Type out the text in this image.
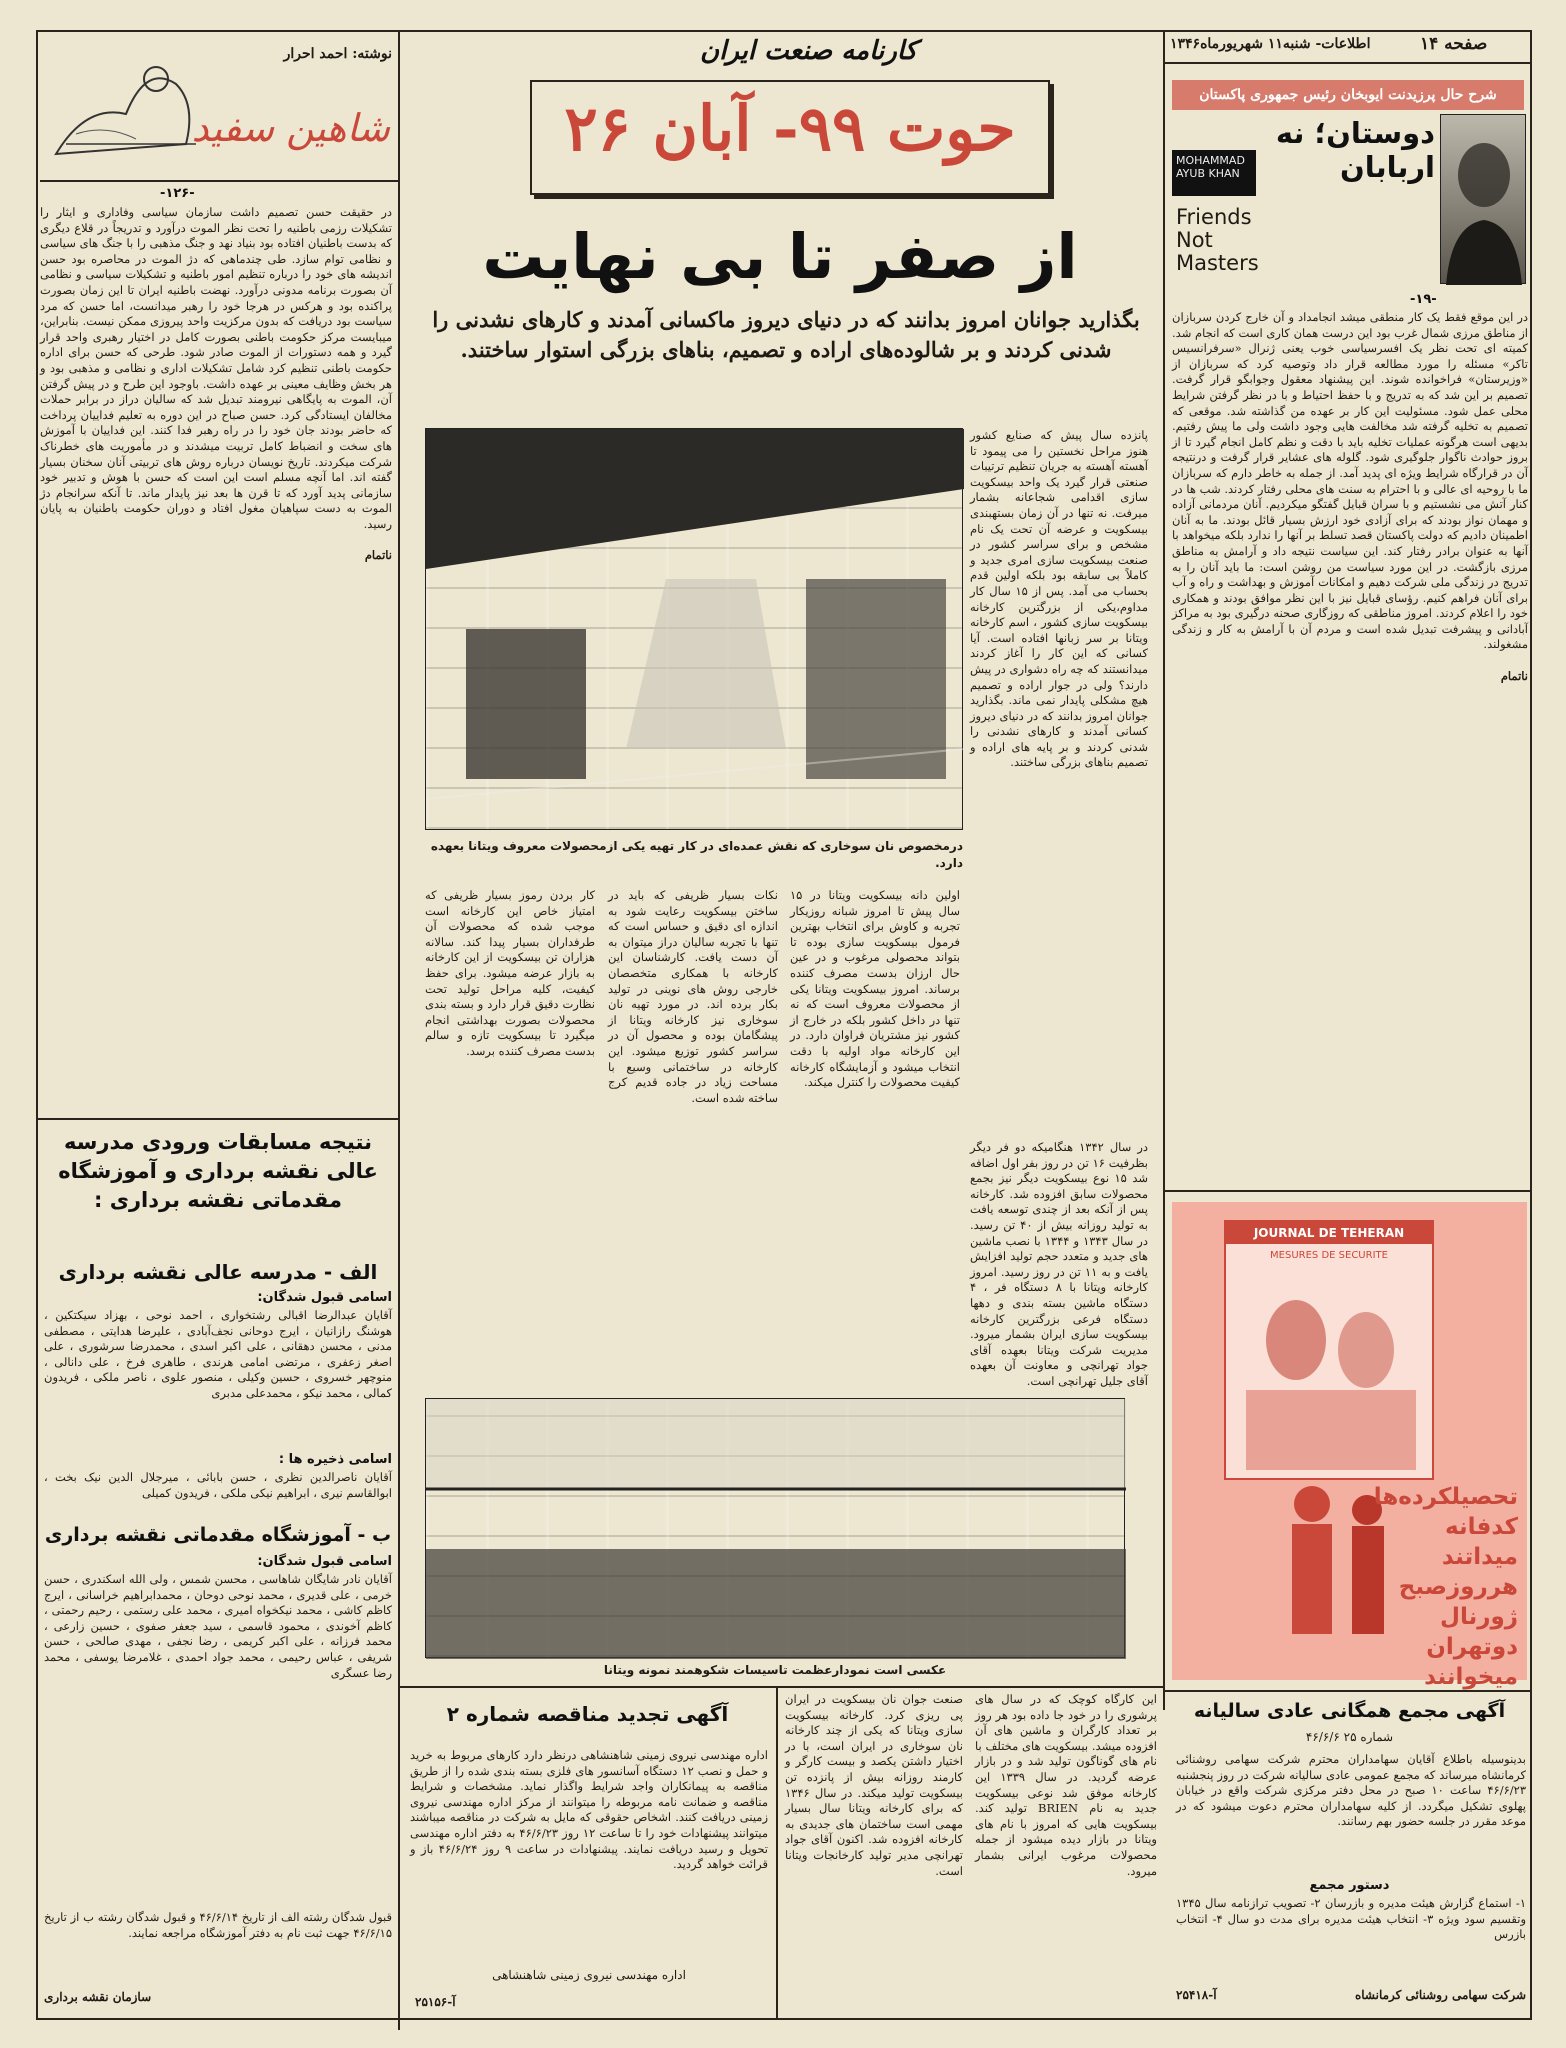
شاهین سفید
نوشته: احمد احرار
-۱۲۶-
در حقیقت حسن تصمیم داشت سازمان سیاسی وفاداری و ایثار را تشکیلات رزمی باطنیه را تحت نظر الموت درآورد و تدریجاً در قلاع دیگری که بدست باطنیان افتاده بود بنیاد نهد و جنگ مذهبی را با جنگ های سیاسی و نظامی توام سازد. طی چندماهی که دژ الموت در محاصره بود حسن اندیشه های خود را درباره تنظیم امور باطنیه و تشکیلات سیاسی و نظامی آن بصورت برنامه مدونی درآورد. نهضت باطنیه ایران تا این زمان بصورت پراکنده بود و هرکس در هرجا خود را رهبر میدانست، اما حسن که مرد سیاست بود دریافت که بدون مرکزیت واحد پیروزی ممکن نیست. بنابراین، میبایست مرکز حکومت باطنی بصورت کامل در اختیار رهبری واحد قرار گیرد و همه دستورات از الموت صادر شود. طرحی که حسن برای اداره حکومت باطنی تنظیم کرد شامل تشکیلات اداری و نظامی و مذهبی بود و هر بخش وظایف معینی بر عهده داشت. باوجود این طرح و در پیش گرفتن آن، الموت به پایگاهی نیرومند تبدیل شد که سالیان دراز در برابر حملات مخالفان ایستادگی کرد. حسن صباح در این دوره به تعلیم فداییان پرداخت که حاضر بودند جان خود را در راه رهبر فدا کنند. این فداییان با آموزش های سخت و انضباط کامل تربیت میشدند و در مأموریت های خطرناک شرکت میکردند. تاریخ نویسان درباره روش های تربیتی آنان سخنان بسیار گفته اند. اما آنچه مسلم است این است که حسن با هوش و تدبیر خود سازمانی پدید آورد که تا قرن ها بعد نیز پایدار ماند. تا آنکه سرانجام دژ الموت به دست سپاهیان مغول افتاد و دوران حکومت باطنیان به پایان رسید.

ناتمام
کارنامه صنعت ایران
حوت ۹۹- آبان ۲۶
از صفر تا بی نهایت
بگذارید جوانان امروز بدانند که در دنیای دیروز ماکسانی آمدند و کارهای نشدنی را شدنی کردند و بر شالوده‌های اراده و تصمیم، بناهای بزرگی استوار ساختند.
درمخصوص نان سوخاری که نقش عمده‌ای در کار تهیه یکی ازمحصولات معروف ویتانا بعهده دارد.
پانزده سال پیش که صنایع کشور هنوز مراحل نخستین را می پیمود تا آهسته آهسته به جریان تنظیم ترتیبات صنعتی قرار گیرد یک واحد بیسکویت سازی اقدامی شجاعانه بشمار میرفت. نه تنها در آن زمان بستهبندی بیسکویت و عرضه آن تحت یک نام مشخص و برای سراسر کشور در صنعت بیسکویت سازی امری جدید و کاملاً بی سابقه بود بلکه اولین قدم بحساب می آمد. پس از ۱۵ سال کار مداوم،یکی از بزرگترین کارخانه بیسکویت سازی کشور ، اسم کارخانه ویتانا بر سر زبانها افتاده است. آیا کسانی که این کار را آغاز کردند میدانستند که چه راه دشواری در پیش دارند؟ ولی در جوار اراده و تصمیم هیچ مشکلی پایدار نمی ماند. بگذارید جوانان امروز بدانند که در دنیای دیروز کسانی آمدند و کارهای نشدنی را شدنی کردند و بر پایه های اراده و تصمیم بناهای بزرگی ساختند.
در سال ۱۳۴۲ هنگامیکه دو فر دیگر بظرفیت ۱۶ تن در روز بفر اول اضافه شد ۱۵ نوع بیسکویت دیگر نیز بجمع محصولات سابق افزوده شد. کارخانه پس از آنکه بعد از چندی توسعه یافت به تولید روزانه بیش از ۴۰ تن رسید. در سال ۱۳۴۳ و ۱۳۴۴ با نصب ماشین های جدید و متعدد حجم تولید افزایش یافت و به ۱۱ تن در روز رسید. امروز کارخانه ویتانا با ۸ دستگاه فر ، ۴ دستگاه ماشین بسته بندی و دهها دستگاه فرعی بزرگترین کارخانه بیسکویت سازی ایران بشمار میرود. مدیریت شرکت ویتانا بعهده آقای جواد تهرانچی و معاونت آن بعهده آقای جلیل تهرانچی است.
اولین دانه بیسکویت ویتانا در ۱۵ سال پیش تا امروز شبانه روزیکار تجربه و کاوش برای انتخاب بهترین فرمول بیسکویت سازی بوده تا بتواند محصولی مرغوب و در عین حال ارزان بدست مصرف کننده برساند. امروز بیسکویت ویتانا یکی از محصولات معروف است که نه تنها در داخل کشور بلکه در خارج از کشور نیز مشتریان فراوان دارد. در این کارخانه مواد اولیه با دقت انتخاب میشود و آزمایشگاه کارخانه کیفیت محصولات را کنترل میکند.
نکات بسیار ظریفی که باید در ساختن بیسکویت رعایت شود به اندازه ای دقیق و حساس است که تنها با تجربه سالیان دراز میتوان به آن دست یافت. کارشناسان این کارخانه با همکاری متخصصان خارجی روش های نوینی در تولید بکار برده اند. در مورد تهیه نان سوخاری نیز کارخانه ویتانا از پیشگامان بوده و محصول آن در سراسر کشور توزیع میشود. این کارخانه در ساختمانی وسیع با مساحت زیاد در جاده قدیم کرج ساخته شده است.
کار بردن رموز بسیار ظریفی که امتیاز خاص این کارخانه است موجب شده که محصولات آن طرفداران بسیار پیدا کند. سالانه هزاران تن بیسکویت از این کارخانه به بازار عرضه میشود. برای حفظ کیفیت، کلیه مراحل تولید تحت نظارت دقیق قرار دارد و بسته بندی محصولات بصورت بهداشتی انجام میگیرد تا بیسکویت تازه و سالم بدست مصرف کننده برسد.
عکسی است نمودارعظمت تاسیسات شکوهمند نمونه ویتانا
این کارگاه کوچک که در سال های پرشوری را در خود جا داده بود هر روز بر تعداد کارگران و ماشین های آن افزوده میشد. بیسکویت های مختلف با نام های گوناگون تولید شد و در بازار عرضه گردید. در سال ۱۳۳۹ این کارخانه موفق شد نوعی بیسکویت جدید به نام BRIEN تولید کند. بیسکویت هایی که امروز با نام های ویتانا در بازار دیده میشود از جمله محصولات مرغوب ایرانی بشمار میرود.
صنعت جوان نان بیسکویت در ایران پی ریزی کرد. کارخانه بیسکویت سازی ویتانا که یکی از چند کارخانه نان سوخاری در ایران است، با در اختیار داشتن یکصد و بیست کارگر و کارمند روزانه بیش از پانزده تن بیسکویت تولید میکند. در سال ۱۳۴۶ که برای کارخانه ویتانا سال بسیار مهمی است ساختمان های جدیدی به کارخانه افزوده شد. اکنون آقای جواد تهرانچی مدیر تولید کارخانجات ویتانا است.
آگهی تجدید مناقصه شماره ۲
اداره مهندسی نیروی زمینی شاهنشاهی درنظر دارد کارهای مربوط به خرید و حمل و نصب ۱۲ دستگاه آسانسور های فلزی بسته بندی شده را از طریق مناقصه به پیمانکاران واجد شرایط واگذار نماید. مشخصات و شرایط مناقصه و ضمانت نامه مربوطه را میتوانند از مرکز اداره مهندسی نیروی زمینی دریافت کنند. اشخاص حقوقی که مایل به شرکت در مناقصه میباشند میتوانند پیشنهادات خود را تا ساعت ۱۲ روز ۴۶/۶/۲۳ به دفتر اداره مهندسی تحویل و رسید دریافت نمایند. پیشنهادات در ساعت ۹ روز ۴۶/۶/۲۴ باز و قرائت خواهد گردید.
اداره مهندسی نیروی زمینی شاهنشاهی
آ-۲۵۱۵۶
نتیجه مسابقات ورودی مدرسه عالی نقشه برداری و آموزشگاه مقدماتی نقشه برداری :
الف - مدرسه عالی نقشه برداری
اسامی قبول شدگان:
آقایان عبدالرضا اقبالی رشتخواری ، احمد نوحی ، بهزاد سیکتکین ، هوشنگ رازانیان ، ایرج دوحانی نجف‌آبادی ، علیرضا هدایتی ، مصطفی مدنی ، محسن دهقانی ، علی اکبر اسدی ، محمدرضا سرشوری ، علی اصغر زعفری ، مرتضی امامی هرندی ، طاهری فرخ ، علی دانالی ، منوچهر خسروی ، حسین وکیلی ، منصور علوی ، ناصر ملکی ، فریدون کمالی ، محمد نیکو ، محمدعلی مدبری
اسامی ذخیره ها :
آقایان ناصرالدین نظری ، حسن بابائی ، میرجلال الدین نیک بخت ، ابوالقاسم نیری ، ابراهیم نیکی ملکی ، فریدون کمیلی
ب - آموزشگاه مقدماتی نقشه برداری
اسامی قبول شدگان:
آقایان نادر شایگان شاهاسی ، محسن شمس ، ولی الله اسکندری ، حسن خرمی ، علی قدیری ، محمد نوحی دوحان ، محمدابراهیم خراسانی ، ایرج کاظم کاشی ، محمد نیکخواه امیری ، محمد علی رستمی ، رحیم رحمتی ، کاظم آخوندی ، محمود قاسمی ، سید جعفر صفوی ، حسین زارعی ، محمد فرزانه ، علی اکبر کریمی ، رضا نجفی ، مهدی صالحی ، حسن شریفی ، عباس رحیمی ، محمد جواد احمدی ، غلامرضا یوسفی ، محمد رضا عسگری
قبول شدگان رشته الف از تاریخ ۴۶/۶/۱۴ و قبول شدگان رشته ب از تاریخ ۴۶/۶/۱۵ جهت ثبت نام به دفتر آموزشگاه مراجعه نمایند.
سازمان نقشه برداری
صفحه ۱۴
اطلاعات- شنبه۱۱ شهریورماه۱۳۴۶
شرح حال پرزیدنت ایوبخان رئیس جمهوری پاکستان
دوستان؛ نه اربابان
MOHAMMAD AYUB KHAN
Friends
Not
Masters
-۱۹-
در این موقع فقط یک کار منطقی میشد انجامداد و آن خارج کردن سربازان از مناطق مرزی شمال غرب بود این درست همان کاری است که انجام شد. کمیته ای تحت نظر یک افسرسیاسی خوب یعنی ژنرال «سرفرانسیس تاکر» مسئله را مورد مطالعه قرار داد وتوصیه کرد که سربازان از «وزیرستان» فراخوانده شوند. این پیشنهاد معقول وجوابگو قرار گرفت. تصمیم بر این شد که به تدریج و با حفظ احتیاط و با در نظر گرفتن شرایط محلی عمل شود. مسئولیت این کار بر عهده من گذاشته شد. موقعی که تصمیم به تخلیه گرفته شد مخالفت هایی وجود داشت ولی ما پیش رفتیم. بدیهی است هرگونه عملیات تخلیه باید با دقت و نظم کامل انجام گیرد تا از بروز حوادث ناگوار جلوگیری شود. گلوله های عشایر قرار گرفت و درنتیجه آن در قرارگاه شرایط ویژه ای پدید آمد. از جمله به خاطر دارم که سربازان ما با روحیه ای عالی و با احترام به سنت های محلی رفتار کردند. شب ها در کنار آتش می نشستیم و با سران قبایل گفتگو میکردیم. آنان مردمانی آزاده و مهمان نواز بودند که برای آزادی خود ارزش بسیار قائل بودند. ما به آنان اطمینان دادیم که دولت پاکستان قصد تسلط بر آنها را ندارد بلکه میخواهد با آنها به عنوان برادر رفتار کند. این سیاست نتیجه داد و آرامش به مناطق مرزی بازگشت. در این مورد سیاست من روشن است: ما باید آنان را به تدریج در زندگی ملی شرکت دهیم و امکانات آموزش و بهداشت و راه و آب برای آنان فراهم کنیم. رؤسای قبایل نیز با این نظر موافق بودند و همکاری خود را اعلام کردند. امروز مناطقی که روزگاری صحنه درگیری بود به مراکز آبادانی و پیشرفت تبدیل شده است و مردم آن با آرامش به کار و زندگی مشغولند.

ناتمام
JOURNAL DE TEHERAN
MESURES DE SECURITE
تحصیلکرده‌ها کدفانه میداتند هرروزصبح ژورنال دوتهران میخوانند
آگهی مجمع همگانی عادی سالیانه
شماره ۲۵ ۴۶/۶/۶
بدینوسیله باطلاع آقایان سهامداران محترم شرکت سهامی روشنائی کرمانشاه میرساند که مجمع عمومی عادی سالیانه شرکت در روز پنجشنبه ۴۶/۶/۲۳ ساعت ۱۰ صبح در محل دفتر مرکزی شرکت واقع در خیابان پهلوی تشکیل میگردد. از کلیه سهامداران محترم دعوت میشود که در موعد مقرر در جلسه حضور بهم رسانند.
دستور مجمع
۱- استماع گزارش هیئت مدیره و بازرسان ۲- تصویب ترازنامه سال ۱۳۴۵ وتقسیم سود ویژه ۳- انتخاب هیئت مدیره برای مدت دو سال ۴- انتخاب بازرس
شرکت سهامی روشنائی کرمانشاه
آ-۲۵۴۱۸
